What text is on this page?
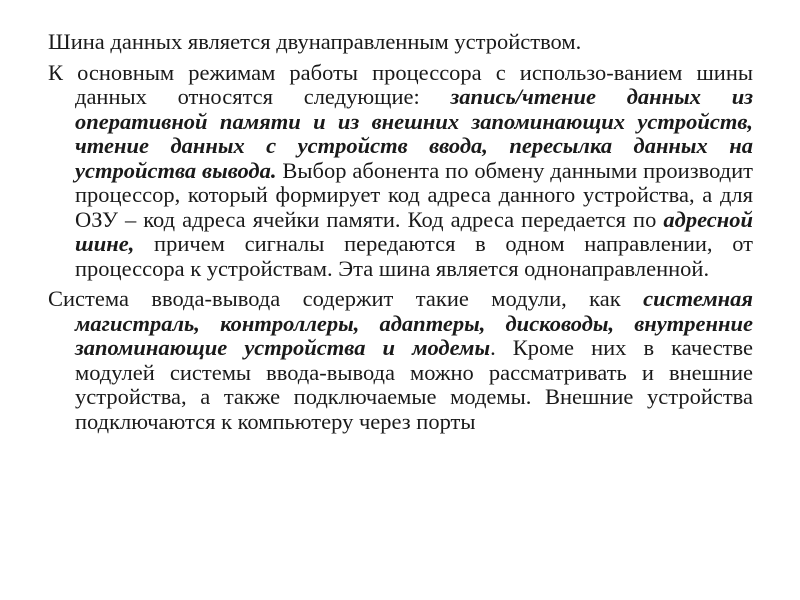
Шина данных является двунаправленным устройством.

К основным режимам работы процессора с использо-ванием шины данных относятся следующие: запись/чтение данных из оперативной памяти и из внешних запоминающих устройств, чтение данных с устройств ввода, пересылка данных на устройства вывода. Выбор абонента по обмену данными производит процессор, который формирует код адреса данного устройства, а для ОЗУ – код адреса ячейки памяти. Код адреса передается по адресной шине, причем сигналы передаются в одном направлении, от процессора к устройствам. Эта шина является однонаправленной.

Система ввода-вывода содержит такие модули, как системная магистраль, контроллеры, адаптеры, дисководы, внутренние запоминающие устройства и модемы. Кроме них в качестве модулей системы ввода-вывода можно рассматривать и внешние устройства, а также подключаемые модемы. Внешние устройства подключаются к компьютеру через порты
